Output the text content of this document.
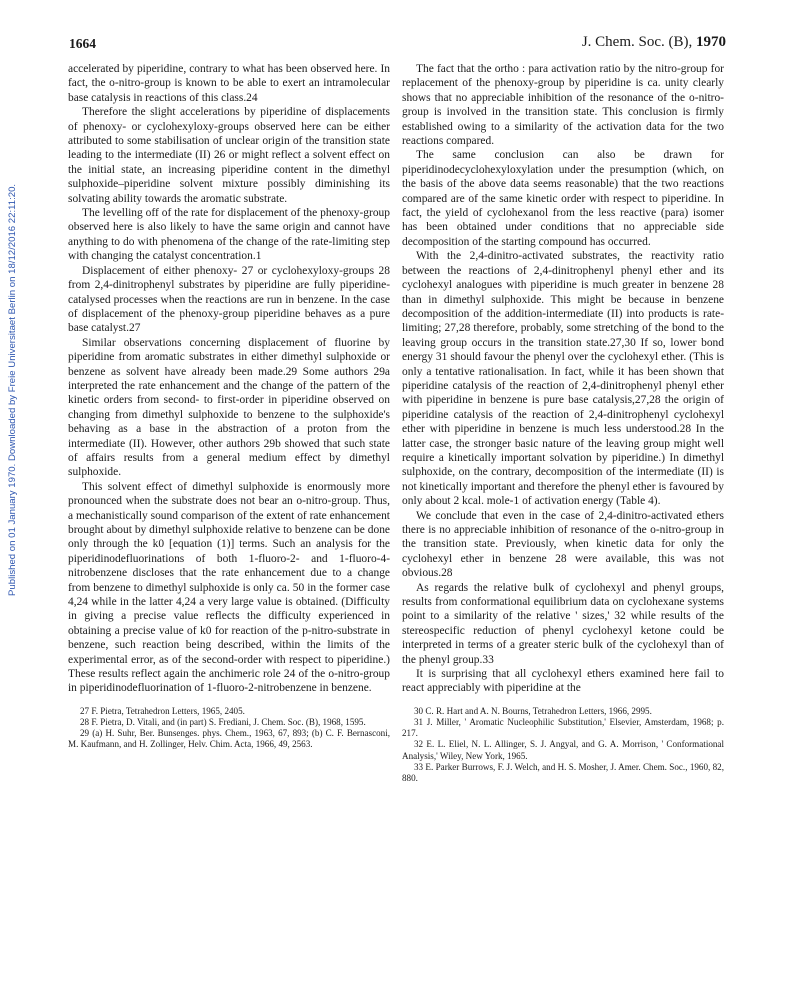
Published on 01 January 1970. Downloaded by Freie Universitaet Berlin on 18/12/2016 22:11:20.
1664	J. Chem. Soc. (B), 1970

accelerated by piperidine, contrary to what has been observed here. In fact, the o-nitro-group is known to be able to exert an intramolecular base catalysis in reactions of this class.24

Therefore the slight accelerations by piperidine of displacements of phenoxy- or cyclohexyloxy-groups observed here can be either attributed to some stabilisation of unclear origin of the transition state leading to the intermediate (II) 26 or might reflect a solvent effect on the initial state, an increasing piperidine content in the dimethyl sulphoxide–piperidine solvent mixture possibly diminishing its solvating ability towards the aromatic substrate.

The levelling off of the rate for displacement of the phenoxy-group observed here is also likely to have the same origin and cannot have anything to do with phenomena of the change of the rate-limiting step with changing the catalyst concentration.1

Displacement of either phenoxy- 27 or cyclohexyloxy-groups 28 from 2,4-dinitrophenyl substrates by piperidine are fully piperidine-catalysed processes when the reactions are run in benzene. In the case of displacement of the phenoxy-group piperidine behaves as a pure base catalyst.27

Similar observations concerning displacement of fluorine by piperidine from aromatic substrates in either dimethyl sulphoxide or benzene as solvent have already been made.29 Some authors 29a interpreted the rate enhancement and the change of the pattern of the kinetic orders from second- to first-order in piperidine observed on changing from dimethyl sulphoxide to benzene to the sulphoxide's behaving as a base in the abstraction of a proton from the intermediate (II). However, other authors 29b showed that such state of affairs results from a general medium effect by dimethyl sulphoxide.

This solvent effect of dimethyl sulphoxide is enormously more pronounced when the substrate does not bear an o-nitro-group. Thus, a mechanistically sound comparison of the extent of rate enhancement brought about by dimethyl sulphoxide relative to benzene can be done only through the k0 [equation (1)] terms. Such an analysis for the piperidinodefluorinations of both 1-fluoro-2- and 1-fluoro-4-nitrobenzene discloses that the rate enhancement due to a change from benzene to dimethyl sulphoxide is only ca. 50 in the former case 4,24 while in the latter 4,24 a very large value is obtained. (Difficulty in giving a precise value reflects the difficulty experienced in obtaining a precise value of k0 for reaction of the p-nitro-substrate in benzene, such reaction being described, within the limits of the experimental error, as of the second-order with respect to piperidine.) These results reflect again the anchimeric role 24 of the o-nitro-group in piperidinodefluorination of 1-fluoro-2-nitrobenzene in benzene.

27 F. Pietra, Tetrahedron Letters, 1965, 2405.
28 F. Pietra, D. Vitali, and (in part) S. Frediani, J. Chem. Soc. (B), 1968, 1595.
29 (a) H. Suhr, Ber. Bunsenges. phys. Chem., 1963, 67, 893; (b) C. F. Bernasconi, M. Kaufmann, and H. Zollinger, Helv. Chim. Acta, 1966, 49, 2563.

The fact that the ortho : para activation ratio by the nitro-group for replacement of the phenoxy-group by piperidine is ca. unity clearly shows that no appreciable inhibition of the resonance of the o-nitro-group is involved in the transition state. This conclusion is firmly established owing to a similarity of the activation data for the two reactions compared.

The same conclusion can also be drawn for piperidinodecyclohexyloxylation under the presumption (which, on the basis of the above data seems reasonable) that the two reactions compared are of the same kinetic order with respect to piperidine. In fact, the yield of cyclohexanol from the less reactive (para) isomer has been obtained under conditions that no appreciable side decomposition of the starting compound has occurred.

With the 2,4-dinitro-activated substrates, the reactivity ratio between the reactions of 2,4-dinitrophenyl phenyl ether and its cyclohexyl analogues with piperidine is much greater in benzene 28 than in dimethyl sulphoxide. This might be because in benzene decomposition of the addition-intermediate (II) into products is rate-limiting; 27,28 therefore, probably, some stretching of the bond to the leaving group occurs in the transition state.27,30 If so, lower bond energy 31 should favour the phenyl over the cyclohexyl ether. (This is only a tentative rationalisation. In fact, while it has been shown that piperidine catalysis of the reaction of 2,4-dinitrophenyl phenyl ether with piperidine in benzene is pure base catalysis,27,28 the origin of piperidine catalysis of the reaction of 2,4-dinitrophenyl cyclohexyl ether with piperidine in benzene is much less understood.28 In the latter case, the stronger basic nature of the leaving group might well require a kinetically important solvation by piperidine.) In dimethyl sulphoxide, on the contrary, decomposition of the intermediate (II) is not kinetically important and therefore the phenyl ether is favoured by only about 2 kcal. mole-1 of activation energy (Table 4).

We conclude that even in the case of 2,4-dinitro-activated ethers there is no appreciable inhibition of resonance of the o-nitro-group in the transition state. Previously, when kinetic data for only the cyclohexyl ether in benzene 28 were available, this was not obvious.28

As regards the relative bulk of cyclohexyl and phenyl groups, results from conformational equilibrium data on cyclohexane systems point to a similarity of the relative ' sizes,' 32 while results of the stereospecific reduction of phenyl cyclohexyl ketone could be interpreted in terms of a greater steric bulk of the cyclohexyl than of the phenyl group.33

It is surprising that all cyclohexyl ethers examined here fail to react appreciably with piperidine at the

30 C. R. Hart and A. N. Bourns, Tetrahedron Letters, 1966, 2995.
31 J. Miller, ' Aromatic Nucleophilic Substitution,' Elsevier, Amsterdam, 1968; p. 217.
32 E. L. Eliel, N. L. Allinger, S. J. Angyal, and G. A. Morrison, ' Conformational Analysis,' Wiley, New York, 1965.
33 E. Parker Burrows, F. J. Welch, and H. S. Mosher, J. Amer. Chem. Soc., 1960, 82, 880.
